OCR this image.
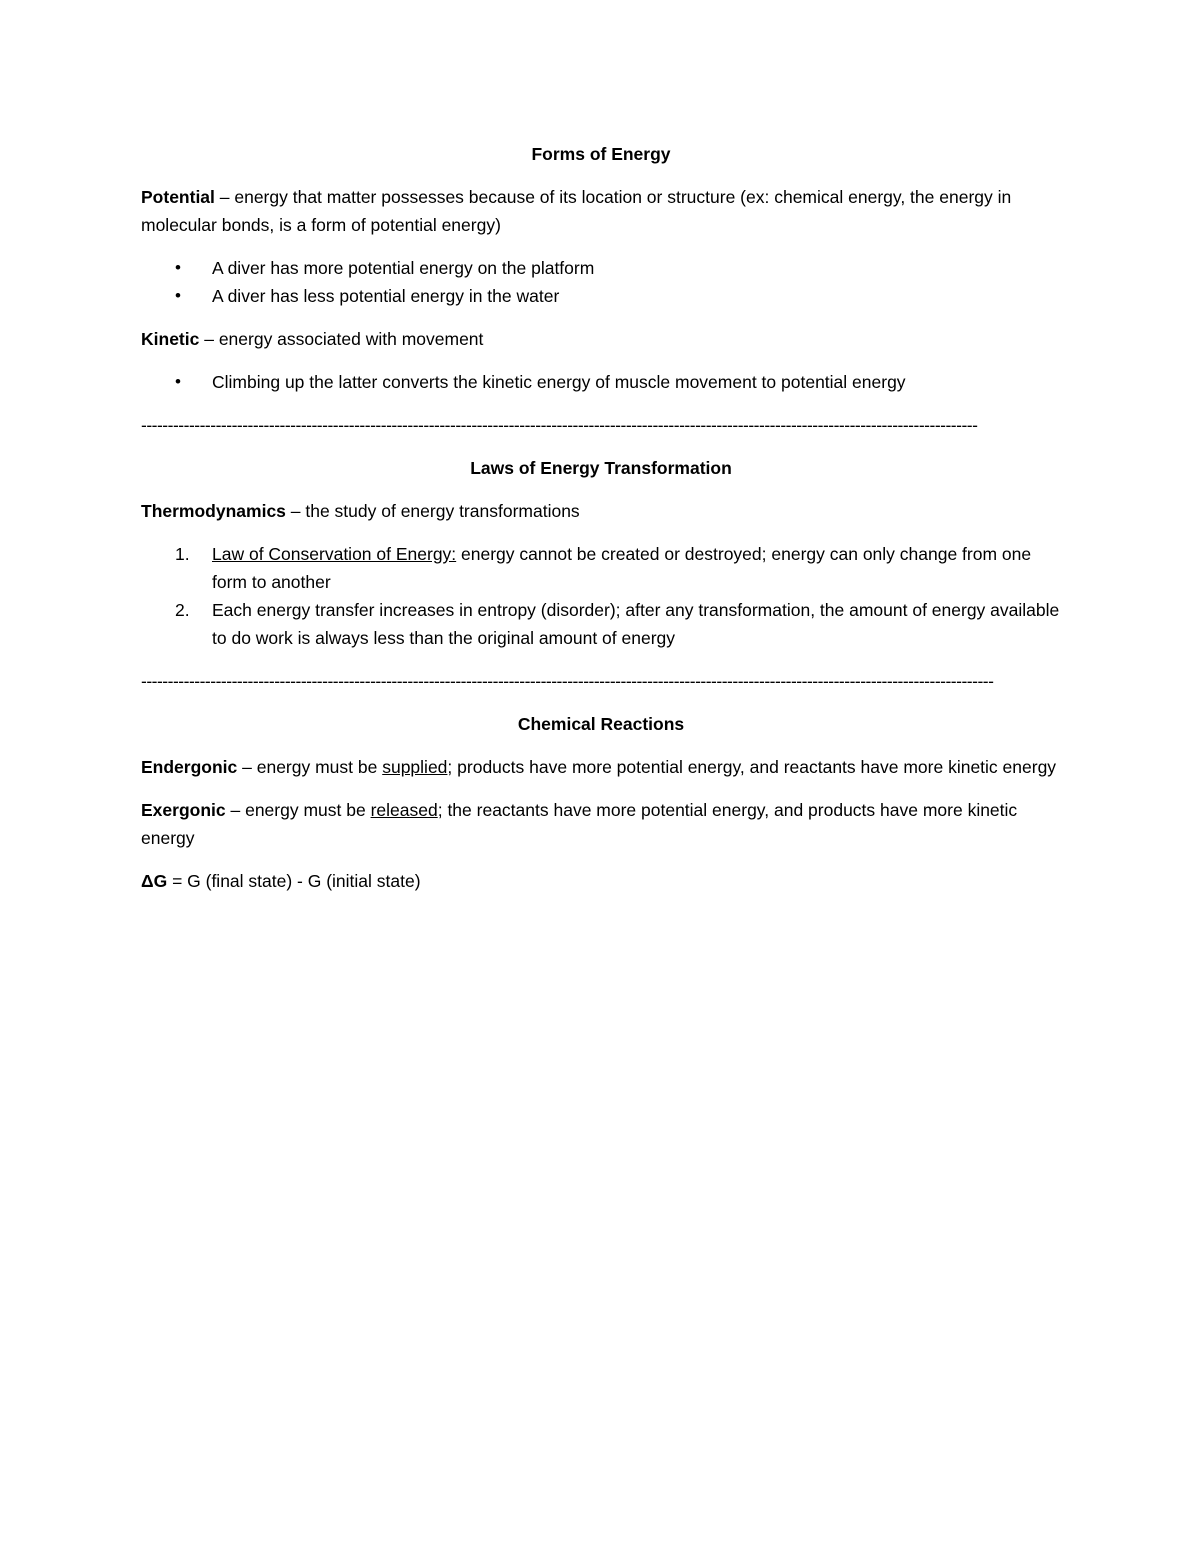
Forms of Energy

Potential – energy that matter possesses because of its location or structure (ex: chemical energy, the energy in molecular bonds, is a form of potential energy)

• A diver has more potential energy on the platform
• A diver has less potential energy in the water

Kinetic – energy associated with movement

• Climbing up the latter converts the kinetic energy of muscle movement to potential energy

-------------------------------------------------------------------------------------------------------------------------------------------------------------

Laws of Energy Transformation

Thermodynamics – the study of energy transformations

1. Law of Conservation of Energy: energy cannot be created or destroyed; energy can only change from one form to another
2. Each energy transfer increases in entropy (disorder); after any transformation, the amount of energy available to do work is always less than the original amount of energy

----------------------------------------------------------------------------------------------------------------------------------------------------------------

Chemical Reactions

Endergonic – energy must be supplied; products have more potential energy, and reactants have more kinetic energy

Exergonic – energy must be released; the reactants have more potential energy, and products have more kinetic energy

ΔG = G (final state) - G (initial state)
